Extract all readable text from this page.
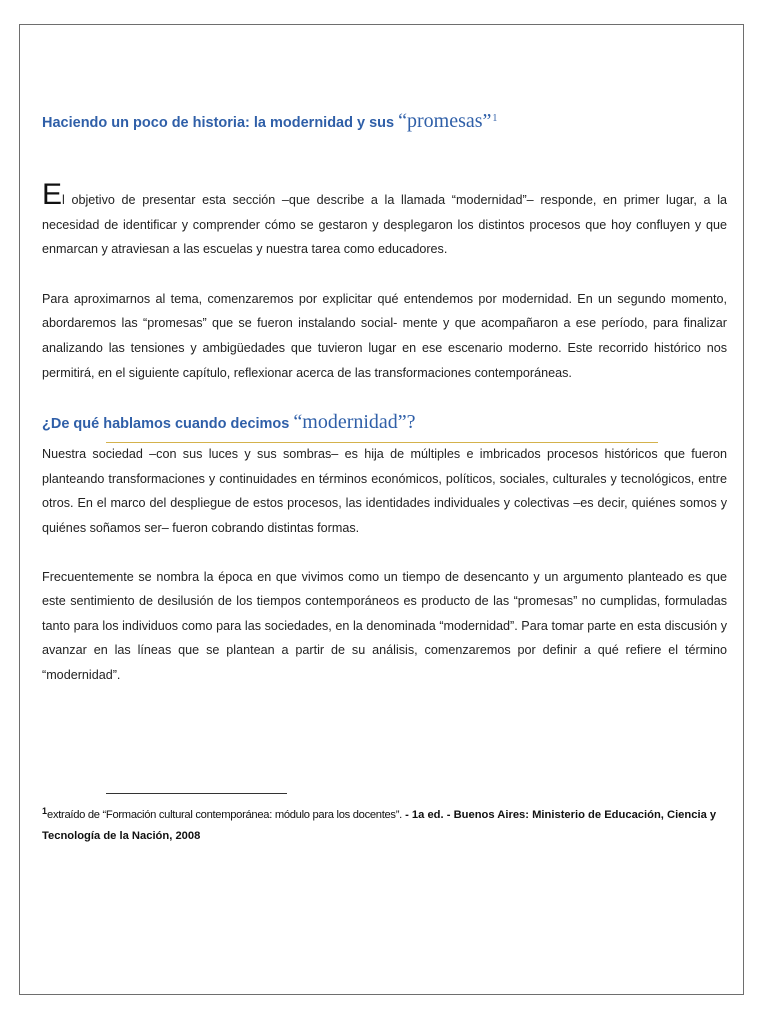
Haciendo un poco de historia: la modernidad y sus “promesas”$^1$

El objetivo de presentar esta sección –que describe a la llamada “modernidad”– responde, en primer lugar, a la necesidad de identificar y comprender cómo se gestaron y desplegaron los distintos procesos que hoy confluyen y que enmarcan y atraviesan a las escuelas y nuestra tarea como educadores.

Para aproximarnos al tema, comenzaremos por explicitar qué entendemos por modernidad. En un segundo momento, abordaremos las “promesas” que se fueron instalando social- mente y que acompañaron a ese período, para finalizar analizando las tensiones y ambigüedades que tuvieron lugar en ese escenario moderno. Este recorrido histórico nos permitirá, en el siguiente capítulo, reflexionar acerca de las transformaciones contemporáneas.

¿De qué hablamos cuando decimos “modernidad”?

Nuestra sociedad –con sus luces y sus sombras– es hija de múltiples e imbricados procesos históricos que fueron planteando transformaciones y continuidades en términos económicos, políticos, sociales, culturales y tecnológicos, entre otros. En el marco del despliegue de estos procesos, las identidades individuales y colectivas –es decir, quiénes somos y quiénes soñamos ser– fueron cobrando distintas formas.

Frecuentemente se nombra la época en que vivimos como un tiempo de desencanto y un argumento planteado es que este sentimiento de desilusión de los tiempos contemporáneos es producto de las “promesas” no cumplidas, formuladas tanto para los individuos como para las sociedades, en la denominada “modernidad”. Para tomar parte en esta discusión y avanzar en las líneas que se plantean a partir de su análisis, comenzaremos por definir a qué refiere el término “modernidad”.

$^1$extraído de “Formación cultural contemporánea: módulo para los docentes”. - 1a ed. - Buenos Aires: Ministerio de Educación, Ciencia y Tecnología de la Nación, 2008
